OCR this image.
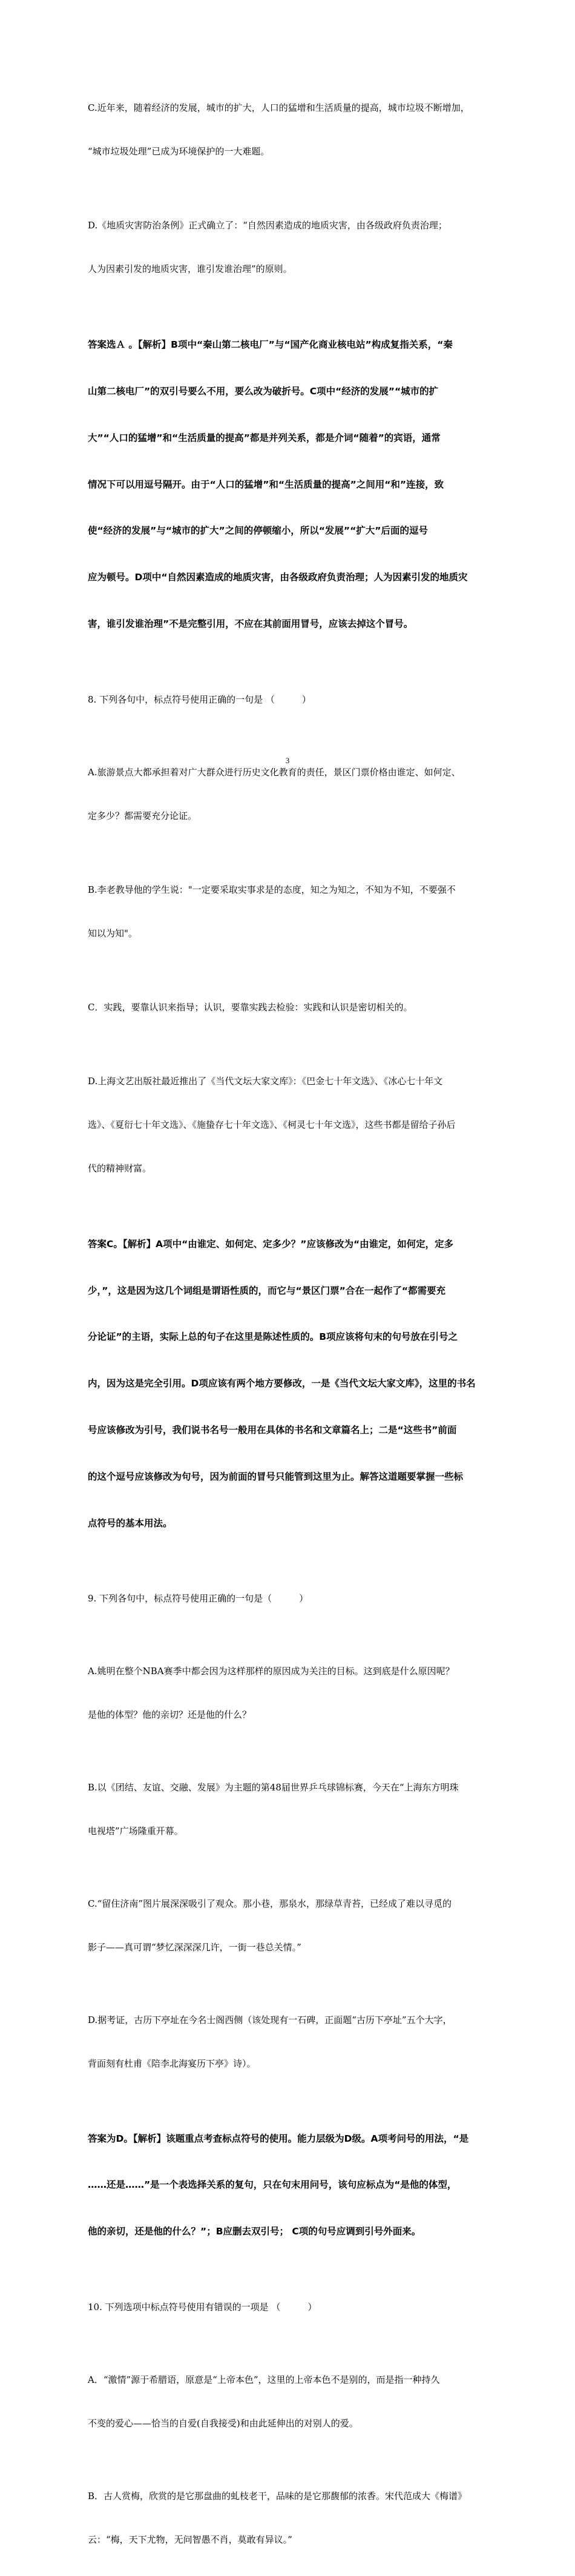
C.近年来，随着经济的发展，城市的扩大，人口的猛增和生活质量的提高，城市垃圾不断增加，

“城市垃圾处理”已成为环境保护的一大难题。

D.《地质灾害防治条例》正式确立了：“自然因素造成的地质灾害，由各级政府负责治理；

人为因素引发的地质灾害，谁引发谁治理”的原则。

答案选Ａ 。【解析】B项中“秦山第二核电厂”与“国产化商业核电站”构成复指关系，“秦

山第二核电厂”的双引号要么不用，要么改为破折号。C项中“经济的发展”“城市的扩

大”“人口的猛增”和“生活质量的提高”都是并列关系，都是介词“随着”的宾语，通常

情况下可以用逗号隔开。由于“人口的猛增”和“生活质量的提高”之间用“和”连接，致

使“经济的发展”与“城市的扩大”之间的停顿缩小，所以“发展”“扩大”后面的逗号

应为顿号。D项中“自然因素造成的地质灾害，由各级政府负责治理；人为因素引发的地质灾

害，谁引发谁治理”不是完整引用，不应在其前面用冒号，应该去掉这个冒号。

8. 下列各句中，标点符号使用正确的一句是 （　　　）

A.旅游景点大都承担着对广大群众进行历史文化教育的责任，景区门票价格由谁定、如何定、

定多少？都需要充分论证。

B.李老教导他的学生说："一定要采取实事求是的态度，知之为知之，不知为不知，不要强不

知以为知"。

C．实践，要靠认识来指导；认识，要靠实践去检验：实践和认识是密切相关的。

D.上海文艺出版社最近推出了《当代文坛大家文库》：《巴金七十年文选》、《冰心七十年文

选》、《夏衍七十年文选》、《施蛰存七十年文选》、《柯灵七十年文选》，这些书都是留给子孙后

代的精神财富。

答案C。【解析】A项中“由谁定、如何定、定多少？”应该修改为“由谁定，如何定，定多

少，”，这是因为这几个词组是谓语性质的，而它与“景区门票”合在一起作了“都需要充

分论证”的主语，实际上总的句子在这里是陈述性质的。B项应该将句末的句号放在引号之

内，因为这是完全引用。D项应该有两个地方要修改，一是《当代文坛大家文库》，这里的书名

号应该修改为引号，我们说书名号一般用在具体的书名和文章篇名上；二是“这些书”前面

的这个逗号应该修改为句号，因为前面的冒号只能管到这里为止。解答这道题要掌握一些标

点符号的基本用法。

9. 下列各句中，标点符号使用正确的一句是（　　　）

A.姚明在整个NBA赛季中都会因为这样那样的原因成为关注的目标。这到底是什么原因呢？

是他的体型？他的亲切？还是他的什么？

B.以《团结、友谊、交融、发展》为主题的第48届世界乒乓球锦标赛，今天在“上海东方明珠

电视塔”广场隆重开幕。

C.“留住济南”图片展深深吸引了观众。那小巷，那泉水，那绿草青苔，已经成了难以寻觅的

影子——真可谓“梦忆深深深几许，一街一巷总关情。”

D.据考证，古历下亭址在今名士阁西侧（该处现有一石碑，正面题“古历下亭址”五个大字，

背面刻有杜甫《陪李北海宴历下亭》诗）。

答案为D。【解析】该题重点考查标点符号的使用。能力层级为D级。A项考问号的用法，“是

……还是……”是一个表选择关系的复句，只在句末用问号，该句应标点为“是他的体型，

他的亲切，还是他的什么？”；B应删去双引号； C项的句号应调到引号外面来。

10. 下列选项中标点符号使用有错误的一项是 （　　　）

A．“激情”源于希腊语，原意是“上帝本色”，这里的上帝本色不是别的，而是指一种持久

不变的爱心——恰当的自爱(自我接受)和由此延伸出的对别人的爱。

B．古人赏梅，欣赏的是它那盘曲的虬枝老干，品味的是它那馥郁的浓香。宋代范成大《梅谱》

云：“梅，天下尤物，无问智愚不肖，莫敢有异议。”

3
